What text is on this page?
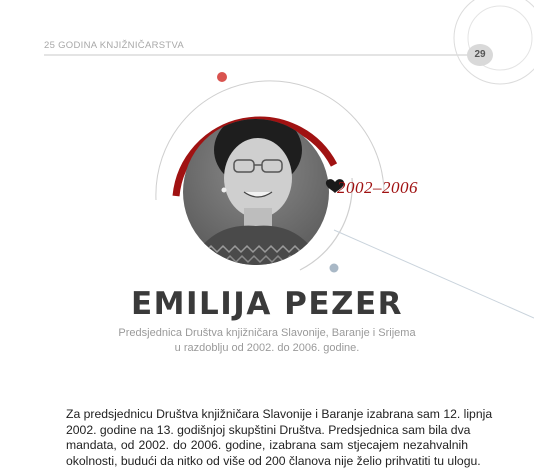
25 GODINA KNJIŽNIČARSTVA
29
2002–2006
EMILIJA PEZER
Predsjednica Društva knjižničara Slavonije, Baranje i Srijema
u razdoblju od 2002. do 2006. godine.
Za predsjednicu Društva knjižničara Slavonije i Baranje izabrana sam 12. lipnja
2002. godine na 13. godišnjoj skupštini Društva. Predsjednica sam bila dva
mandata, od 2002. do 2006. godine, izabrana sam stjecajem nezahvalnih
okolnosti, budući da nitko od više od 200 članova nije želio prihvatiti tu ulogu.
